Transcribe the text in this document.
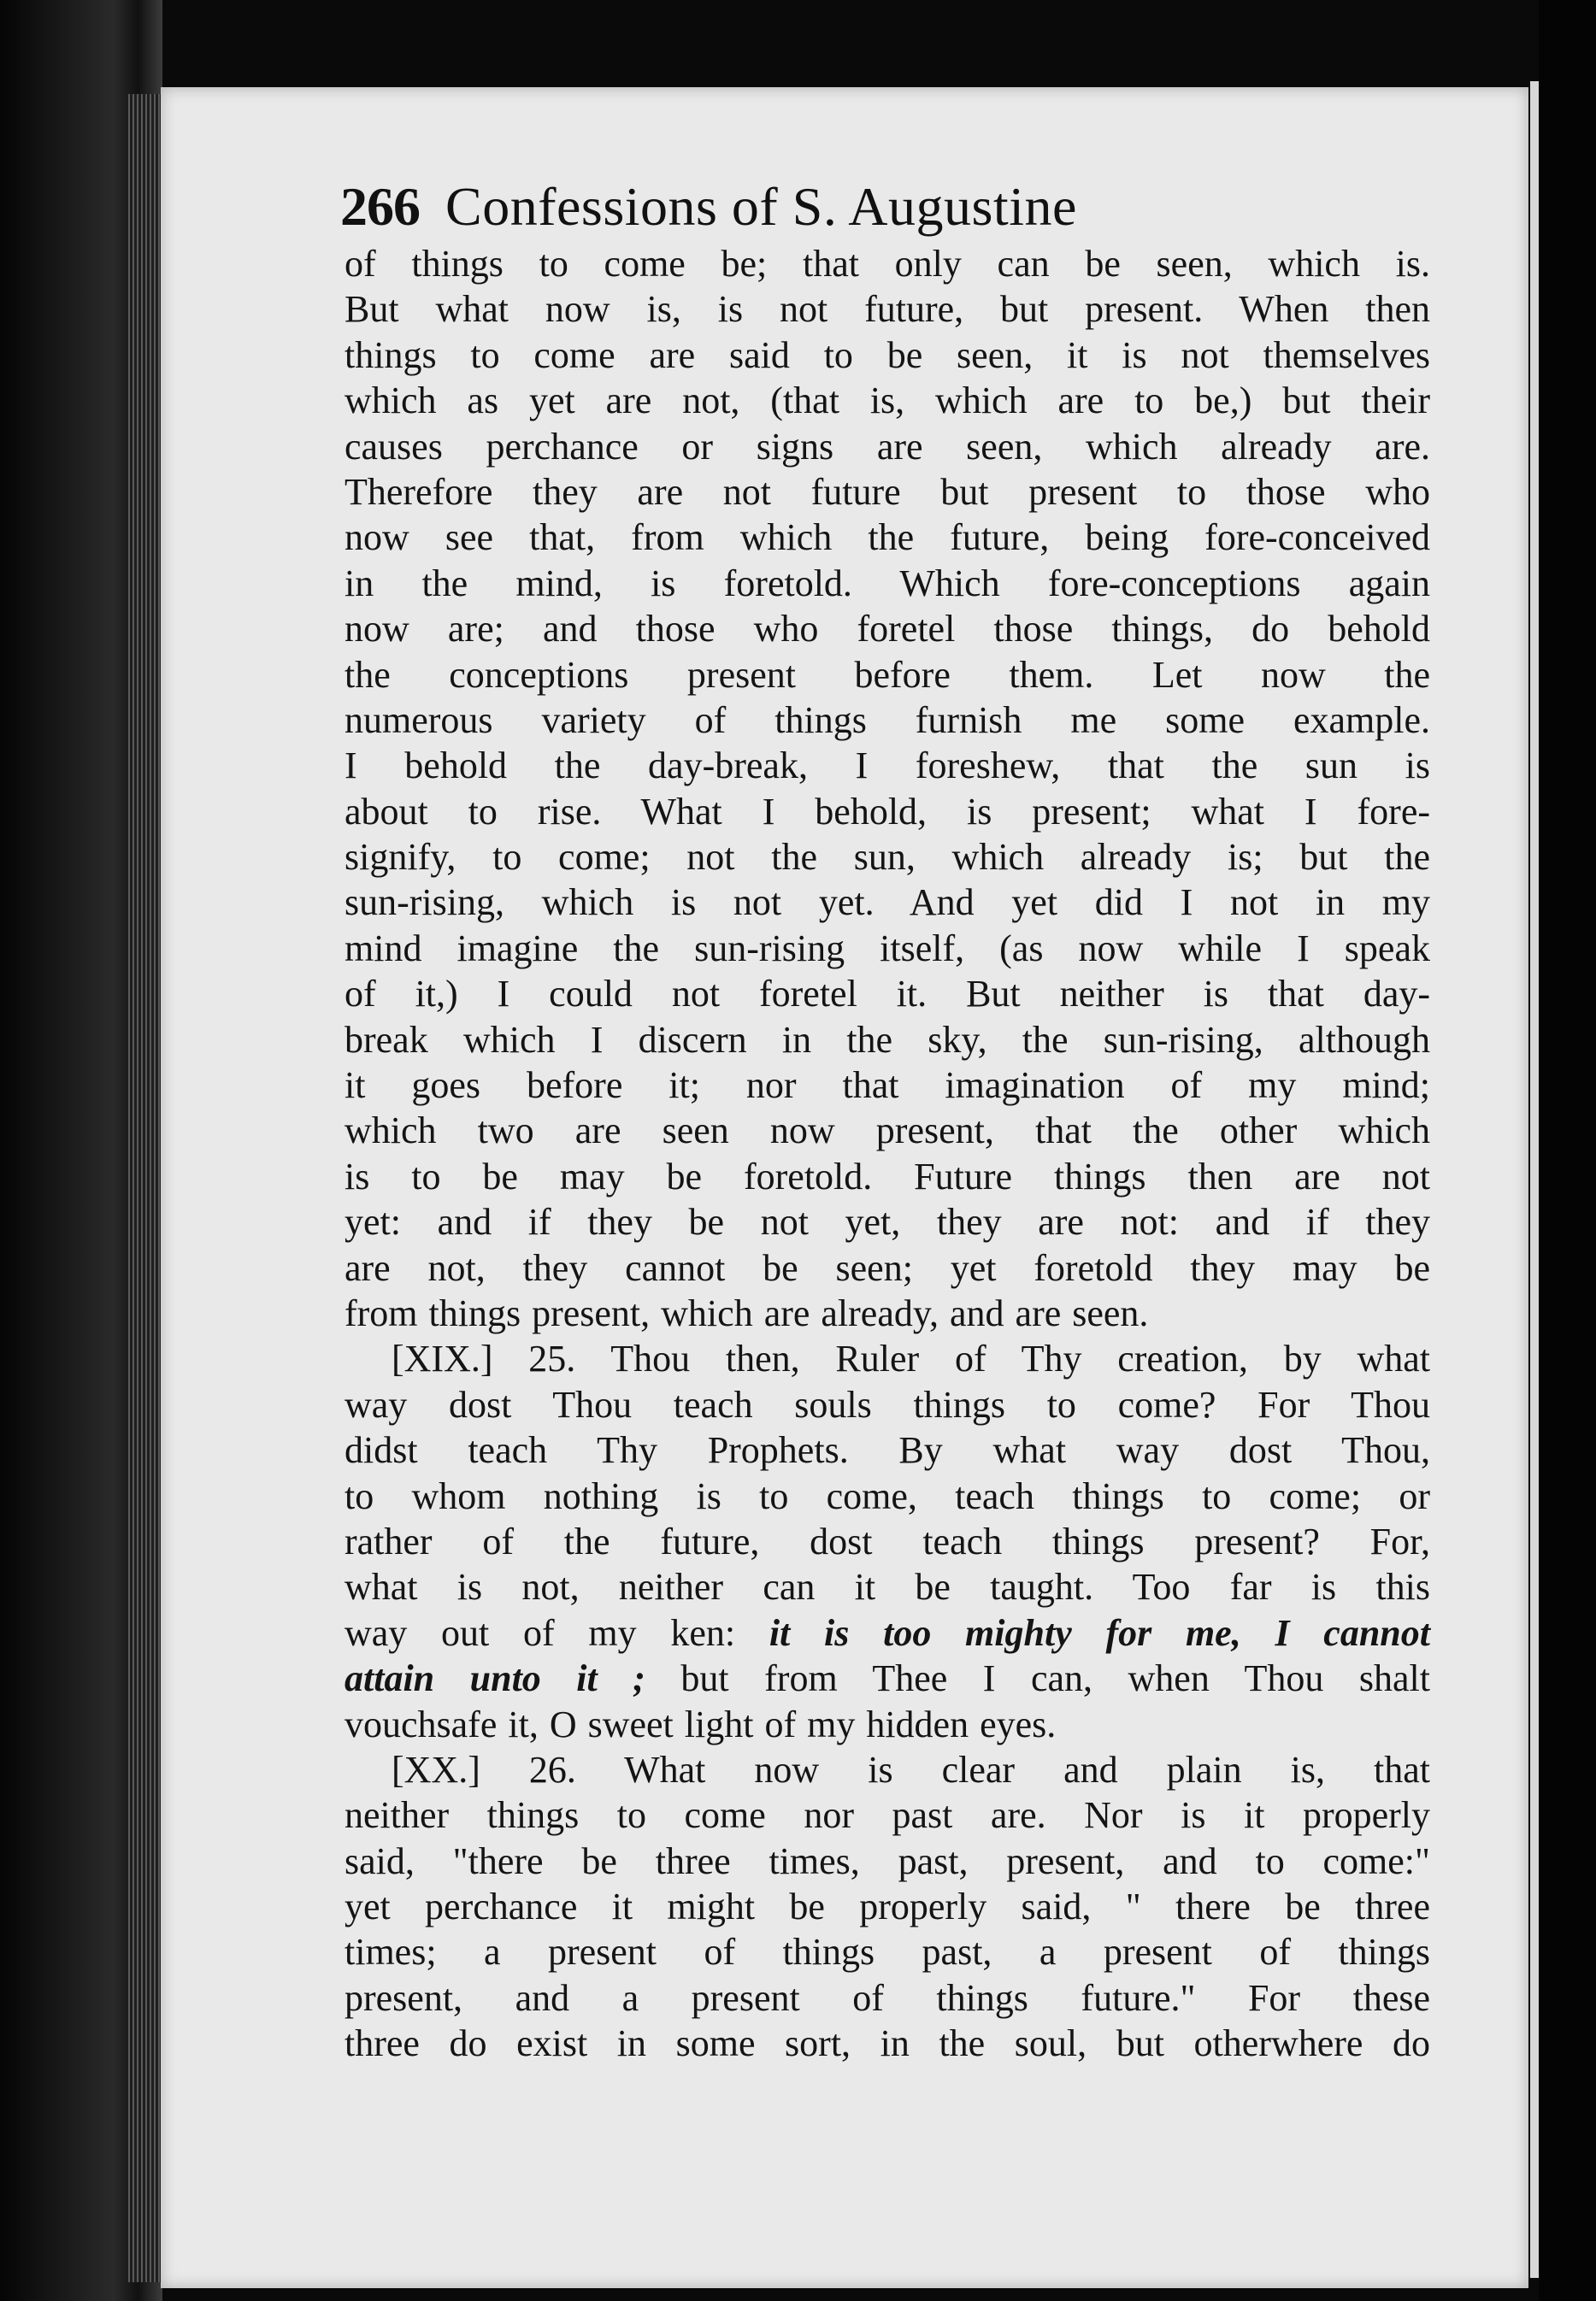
266 Confessions of S. Augustine
of things to come be; that only can be seen, which is.
But what now is, is not future, but present. When then
things to come are said to be seen, it is not themselves
which as yet are not, (that is, which are to be,) but their
causes perchance or signs are seen, which already are.
Therefore they are not future but present to those who
now see that, from which the future, being fore-conceived
in the mind, is foretold. Which fore-conceptions again
now are; and those who foretel those things, do behold
the conceptions present before them. Let now the
numerous variety of things furnish me some example.
I behold the day-break, I foreshew, that the sun is
about to rise. What I behold, is present; what I fore-
signify, to come; not the sun, which already is; but the
sun-rising, which is not yet. And yet did I not in my
mind imagine the sun-rising itself, (as now while I speak
of it,) I could not foretel it. But neither is that day-
break which I discern in the sky, the sun-rising, although
it goes before it; nor that imagination of my mind;
which two are seen now present, that the other which
is to be may be foretold. Future things then are not
yet: and if they be not yet, they are not: and if they
are not, they cannot be seen; yet foretold they may be
from things present, which are already, and are seen.
[XIX.] 25. Thou then, Ruler of Thy creation, by what
way dost Thou teach souls things to come? For Thou
didst teach Thy Prophets. By what way dost Thou,
to whom nothing is to come, teach things to come; or
rather of the future, dost teach things present? For,
what is not, neither can it be taught. Too far is this
way out of my ken: it is too mighty for me, I cannot
attain unto it ; but from Thee I can, when Thou shalt
vouchsafe it, O sweet light of my hidden eyes.
[XX.] 26. What now is clear and plain is, that
neither things to come nor past are. Nor is it properly
said, "there be three times, past, present, and to come:"
yet perchance it might be properly said, " there be three
times; a present of things past, a present of things
present, and a present of things future." For these
three do exist in some sort, in the soul, but otherwhere do
